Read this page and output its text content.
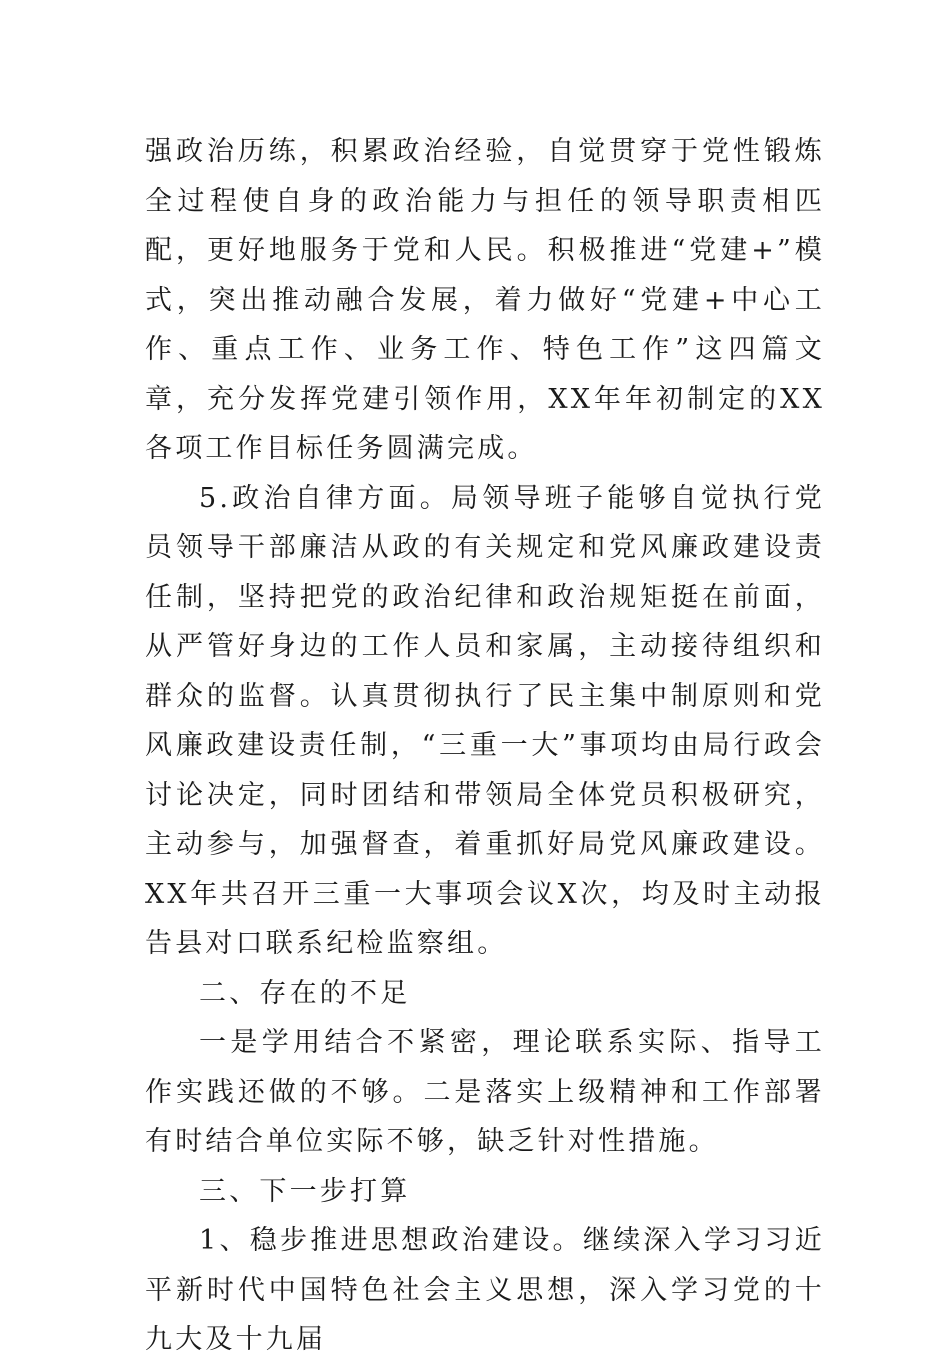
强政治历练，积累政治经验，自觉贯穿于党性锻炼全过程使自身的政治能力与担任的领导职责相匹配，更好地服务于党和人民。积极推进“党建+”模式，突出推动融合发展，着力做好“党建+中心工作、重点工作、业务工作、特色工作”这四篇文章，充分发挥党建引领作用，XX年年初制定的XX各项工作目标任务圆满完成。

5.政治自律方面。局领导班子能够自觉执行党员领导干部廉洁从政的有关规定和党风廉政建设责任制，坚持把党的政治纪律和政治规矩挺在前面，从严管好身边的工作人员和家属，主动接待组织和群众的监督。认真贯彻执行了民主集中制原则和党风廉政建设责任制，“三重一大”事项均由局行政会讨论决定，同时团结和带领局全体党员积极研究，主动参与，加强督查，着重抓好局党风廉政建设。XX年共召开三重一大事项会议X次，均及时主动报告县对口联系纪检监察组。

二、存在的不足

一是学用结合不紧密，理论联系实际、指导工作实践还做的不够。二是落实上级精神和工作部署有时结合单位实际不够，缺乏针对性措施。

三、下一步打算

1、稳步推进思想政治建设。继续深入学习习近平新时代中国特色社会主义思想，深入学习党的十九大及十九届
